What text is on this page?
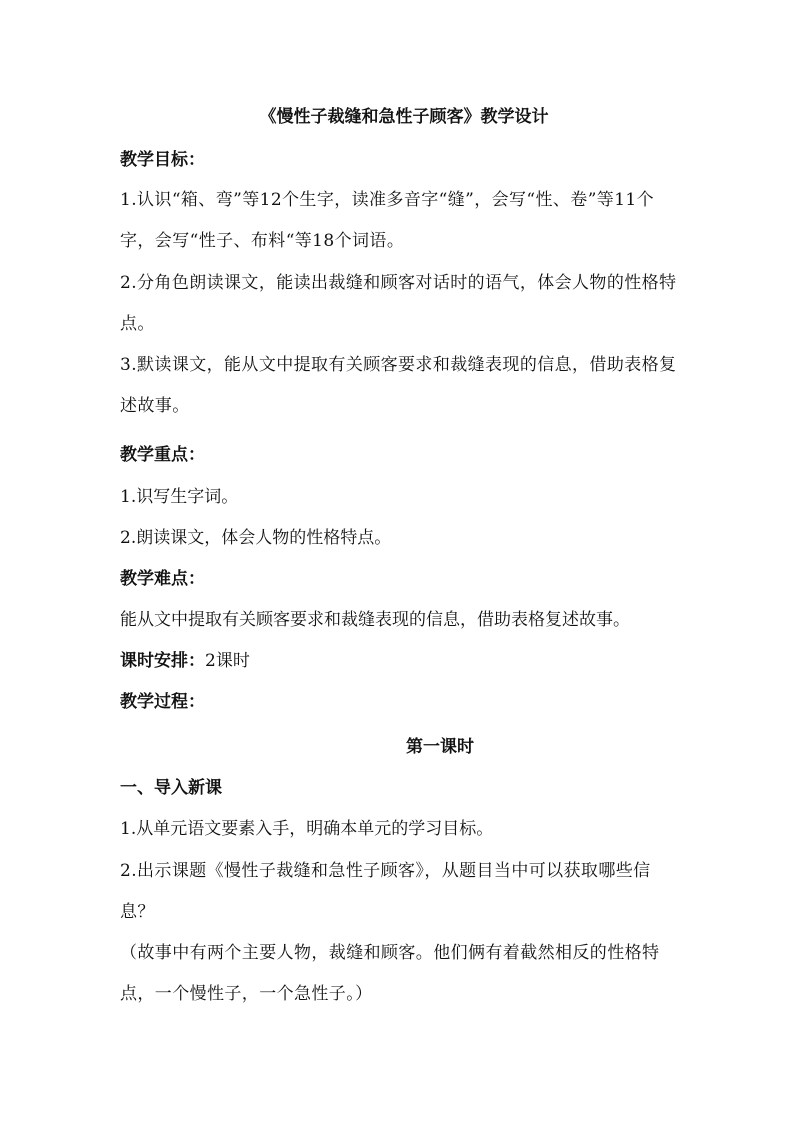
《慢性子裁缝和急性子顾客》教学设计
教学目标：
1.认识“箱、弯”等12个生字，读准多音字“缝”，会写“性、卷”等11个字，会写“性子、布料“等18个词语。
2.分角色朗读课文，能读出裁缝和顾客对话时的语气，体会人物的性格特点。
3.默读课文，能从文中提取有关顾客要求和裁缝表现的信息，借助表格复述故事。
教学重点：
1.识写生字词。
2.朗读课文，体会人物的性格特点。
教学难点：
能从文中提取有关顾客要求和裁缝表现的信息，借助表格复述故事。
课时安排：2课时
教学过程：
第一课时
一、导入新课
1.从单元语文要素入手，明确本单元的学习目标。
2.出示课题《慢性子裁缝和急性子顾客》，从题目当中可以获取哪些信息？
（故事中有两个主要人物，裁缝和顾客。他们俩有着截然相反的性格特点，一个慢性子，一个急性子。）
